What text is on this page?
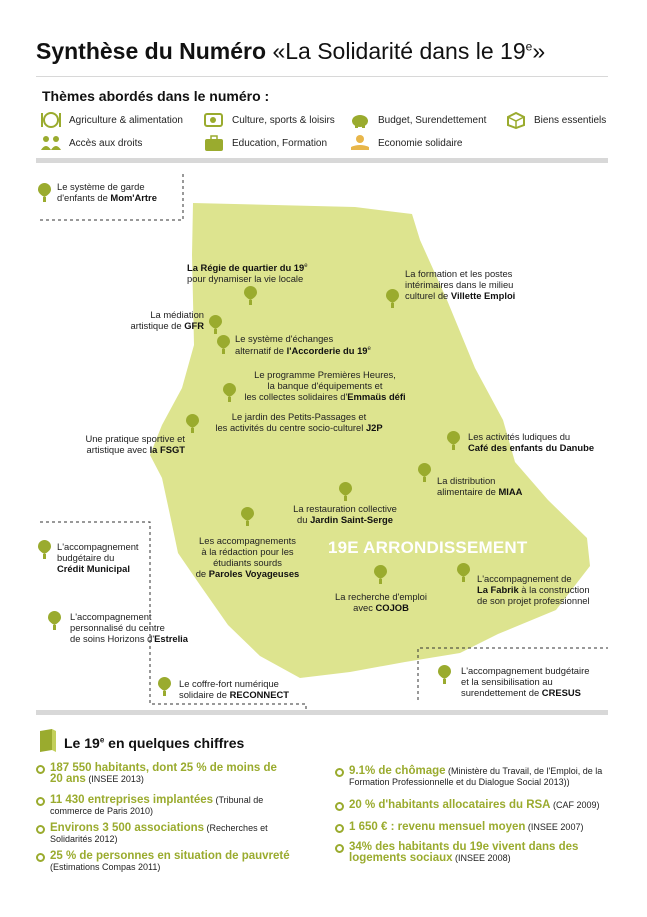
Synthèse du Numéro «La Solidarité dans le 19e»
Thèmes abordés dans le numéro :
Agriculture & alimentation	Culture, sports & loisirs	Budget, Surendettement	Biens essentiels
Accès aux droits	Education, Formation	Economie solidaire
19E ARRONDISSEMENT
Le système de garde
d'enfants de Mom'Artre
La Régie de quartier du 19e
pour dynamiser la vie locale	La formation et les postes
intérimaires dans le milieu
culturel de Villette Emploi
La médiation
artistique de GFR
Le système d'échanges
alternatif de l'Accorderie du 19e
Le programme Premières Heures,
la banque d'équipements et
les collectes solidaires d'Emmaüs défi
Le jardin des Petits-Passages et
les activités du centre socio-culturel J2P
Une pratique sportive et
artistique avec la FSGT
Les activités ludiques du
Café des enfants du Danube
La distribution
alimentaire de MIAA
La restauration collective
du Jardin Saint-Serge
Les accompagnements
à la rédaction pour les
étudiants sourds
de Paroles Voyageuses
L'accompagnement
budgétaire du
Crédit Municipal
La recherche d'emploi
avec COJOB
L'accompagnement de
La Fabrik à la construction
de son projet professionnel
L'accompagnement
personnalisé du centre
de soins Horizons d'Estrelia
Le coffre-fort numérique
solidaire de RECONNECT
L'accompagnement budgétaire
et la sensibilisation au
surendettement de CRESUS
Le 19e en quelques chiffres
187 550 habitants, dont 25 % de moins de 20 ans (INSEE 2013)
11 430 entreprises implantées (Tribunal de commerce de Paris 2010)
Environs 3 500 associations (Recherches et Solidarités 2012)
25 % de personnes en situation de pauvreté
(Estimations Compas 2011)
9.1% de chômage (Ministère du Travail, de l'Emploi, de la Formation Professionnelle et du Dialogue Social 2013))
20 % d'habitants allocataires du RSA (CAF 2009)
1 650 € : revenu mensuel moyen (INSEE 2007)
34% des habitants du 19e vivent dans des logements sociaux (INSEE 2008)
